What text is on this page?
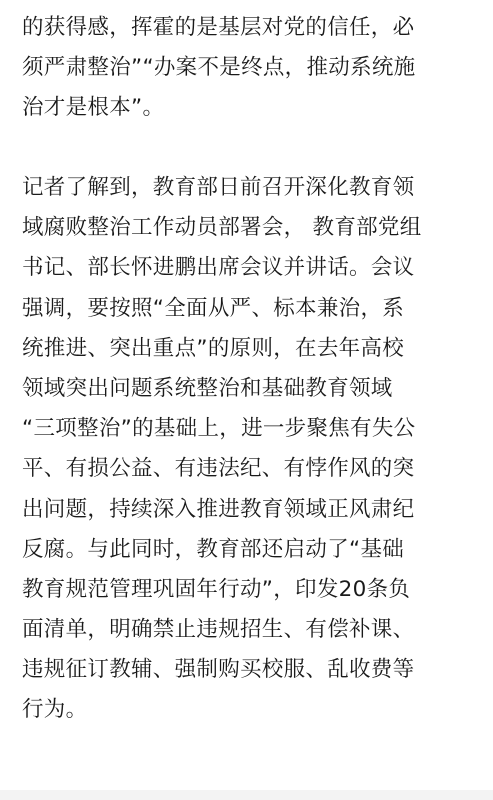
的获得感，挥霍的是基层对党的信任，必
须严肃整治”“办案不是终点，推动系统施
治才是根本”。
记者了解到，教育部日前召开深化教育领
域腐败整治工作动员部署会， 教育部党组
书记、部长怀进鹏出席会议并讲话。会议
强调，要按照“全面从严、标本兼治，系
统推进、突出重点”的原则，在去年高校
领域突出问题系统整治和基础教育领域
“三项整治”的基础上，进一步聚焦有失公
平、有损公益、有违法纪、有悖作风的突
出问题，持续深入推进教育领域正风肃纪
反腐。与此同时，教育部还启动了“基础
教育规范管理巩固年行动”，印发20条负
面清单，明确禁止违规招生、有偿补课、
违规征订教辅、强制购买校服、乱收费等
行为。
